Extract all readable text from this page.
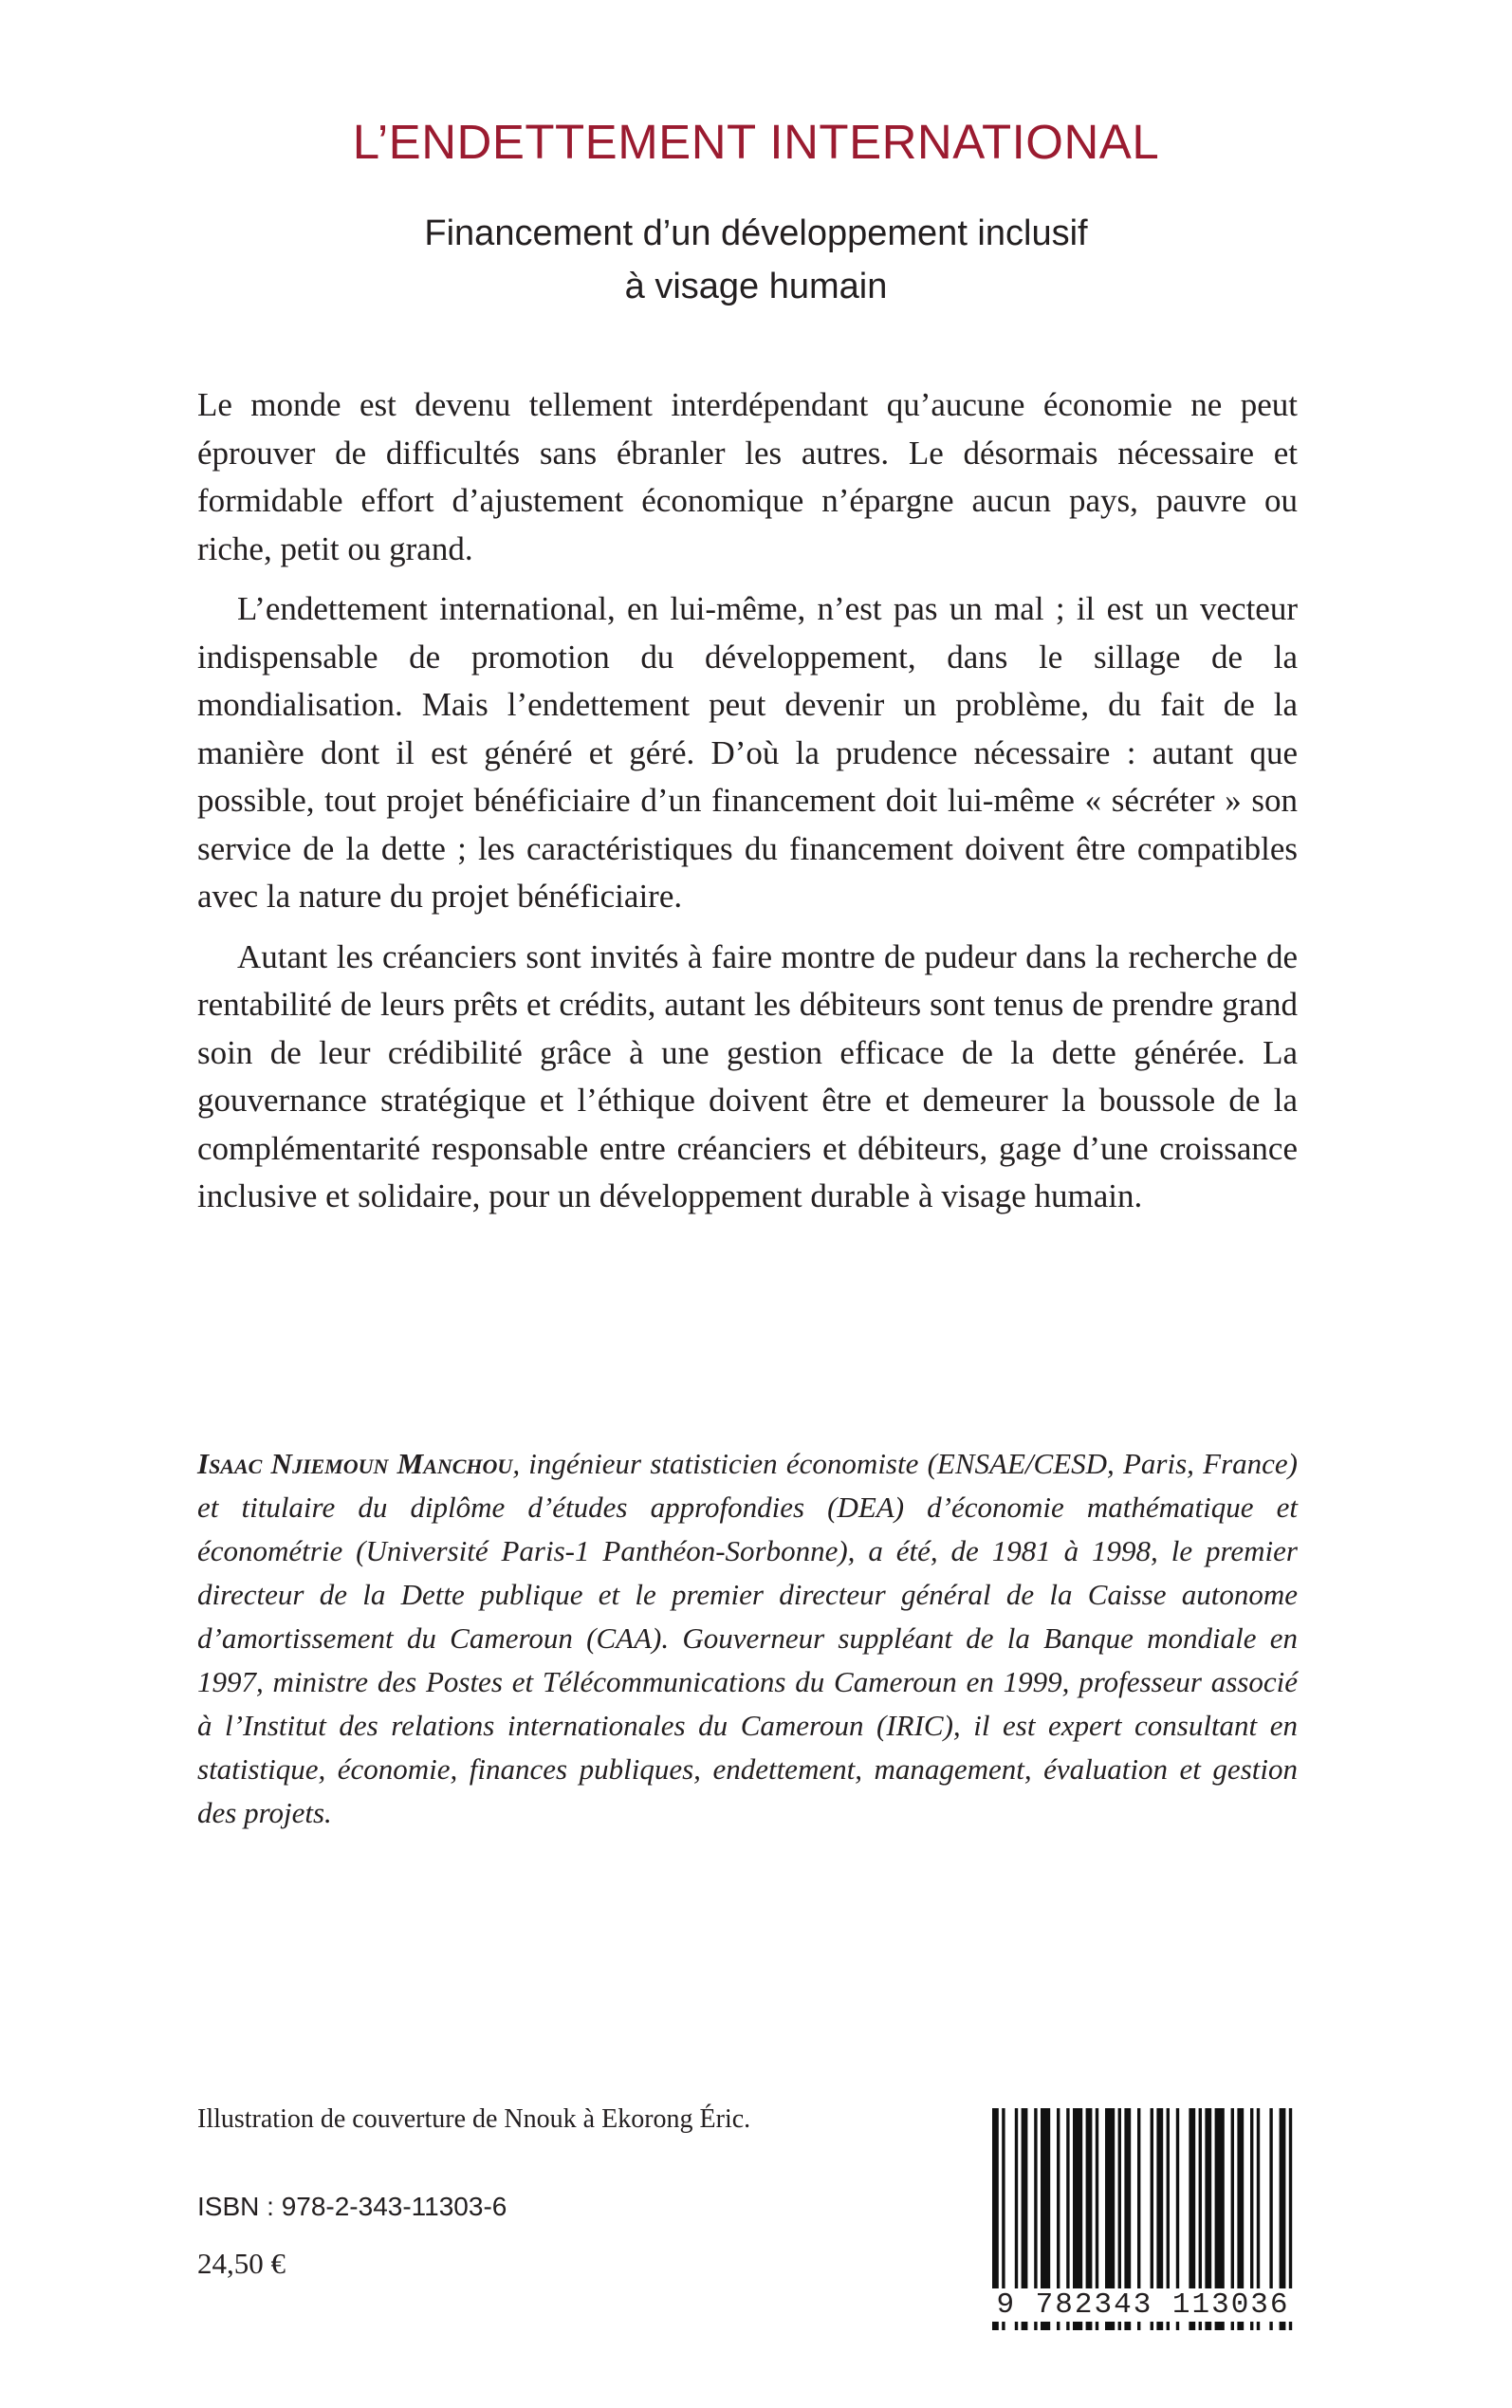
L’ENDETTEMENT INTERNATIONAL
Financement d’un développement inclusif
à visage humain

Le monde est devenu tellement interdépendant qu’aucune économie ne peut éprouver de difficultés sans ébranler les autres. Le désormais nécessaire et formidable effort d’ajustement économique n’épargne aucun pays, pauvre ou riche, petit ou grand.

L’endettement international, en lui-même, n’est pas un mal ; il est un vecteur indispensable de promotion du développement, dans le sillage de la mondialisation. Mais l’endettement peut devenir un problème, du fait de la manière dont il est généré et géré. D’où la prudence nécessaire : autant que possible, tout projet bénéficiaire d’un financement doit lui-même « sécréter » son service de la dette ; les caractéristiques du financement doivent être compatibles avec la nature du projet bénéficiaire.

Autant les créanciers sont invités à faire montre de pudeur dans la recherche de rentabilité de leurs prêts et crédits, autant les débiteurs sont tenus de prendre grand soin de leur crédibilité grâce à une gestion efficace de la dette générée. La gouvernance stratégique et l’éthique doivent être et demeurer la boussole de la complémentarité responsable entre créanciers et débiteurs, gage d’une croissance inclusive et solidaire, pour un développement durable à visage humain.

Isaac Njiemoun Manchou, ingénieur statisticien économiste (ENSAE/CESD, Paris, France) et titulaire du diplôme d’études approfondies (DEA) d’économie mathématique et économétrie (Université Paris-1 Panthéon-Sorbonne), a été, de 1981 à 1998, le premier directeur de la Dette publique et le premier directeur général de la Caisse autonome d’amortissement du Cameroun (CAA). Gouverneur suppléant de la Banque mondiale en 1997, ministre des Postes et Télécommunications du Cameroun en 1999, professeur associé à l’Institut des relations internationales du Cameroun (IRIC), il est expert consultant en statistique, économie, finances publiques, endettement, management, évaluation et gestion des projets.
Illustration de couverture de Nnouk à Ekorong Éric.
ISBN : 978-2-343-11303-6
24,50 €
9 782343 113036
